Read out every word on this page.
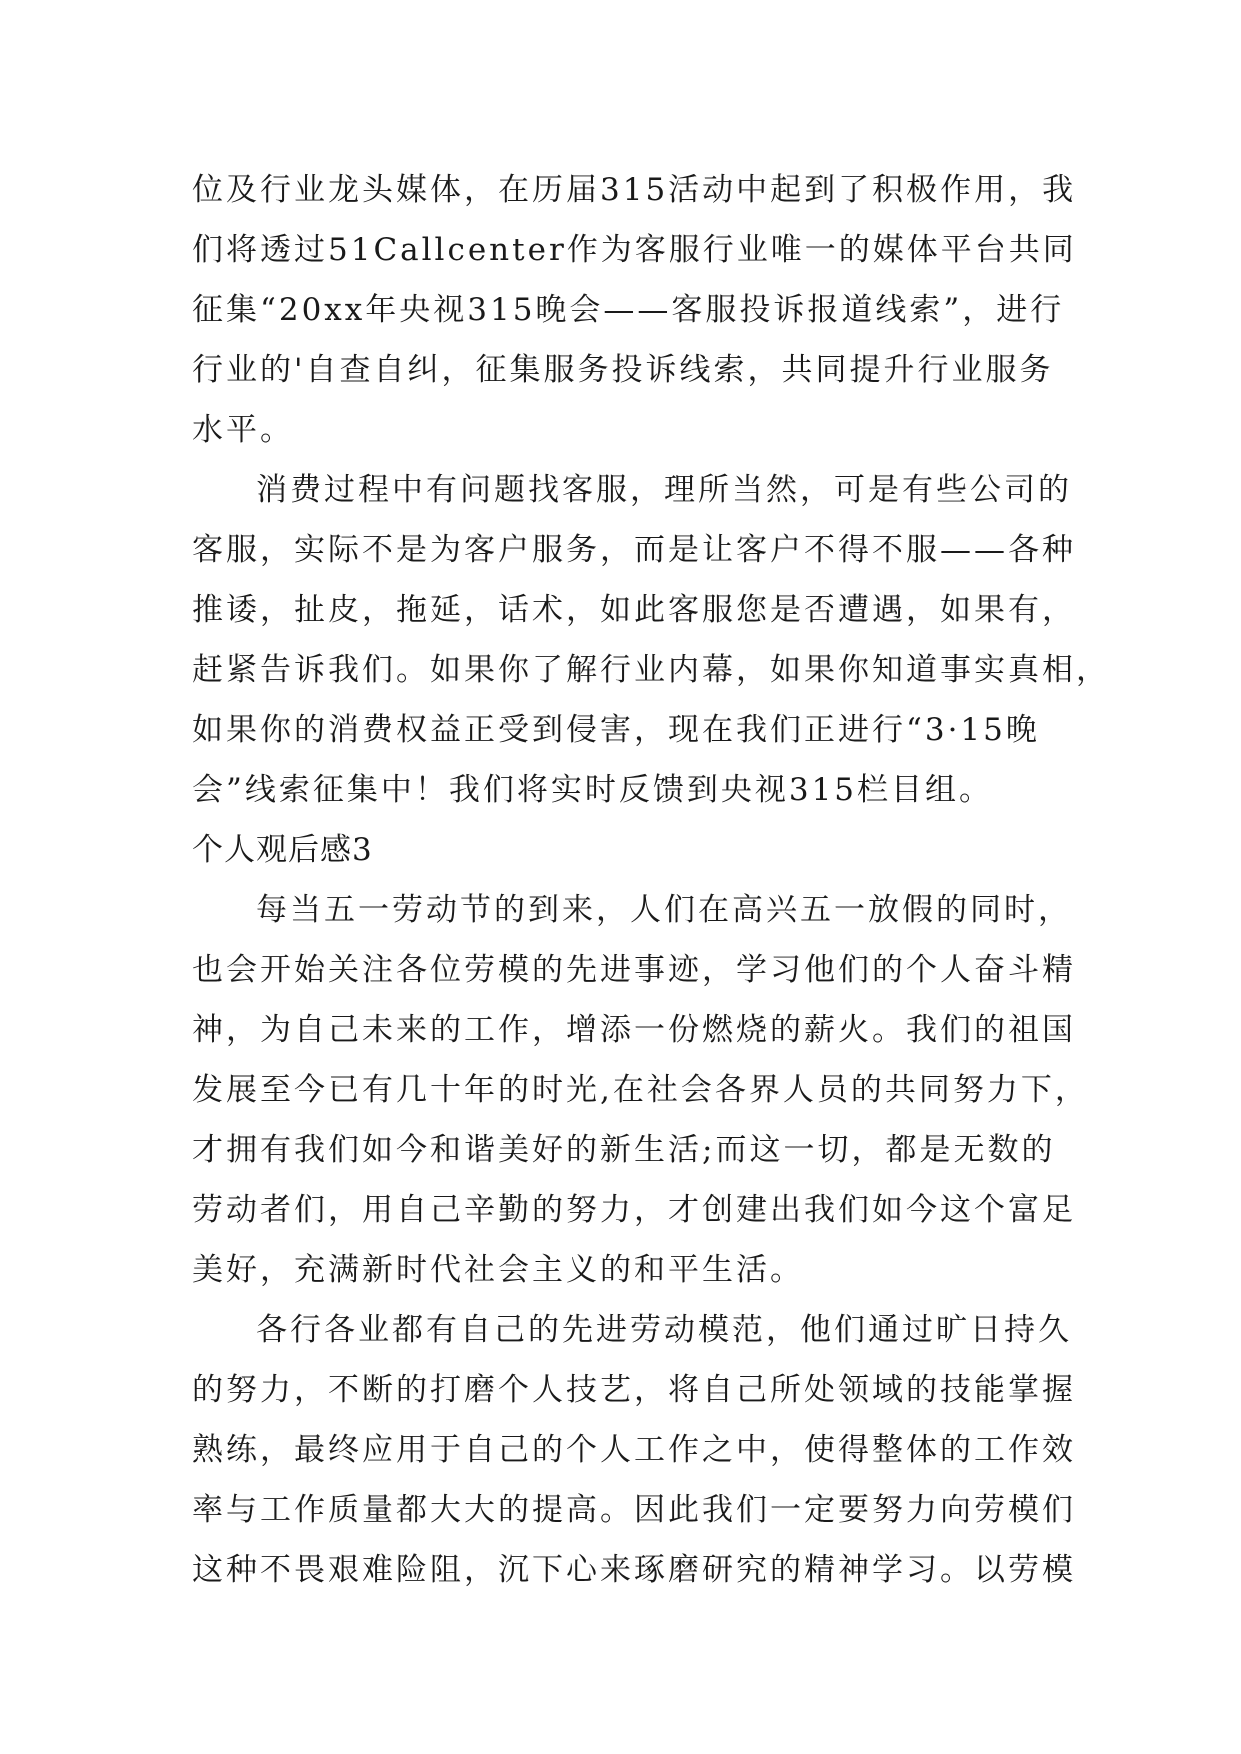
位及行业龙头媒体，在历届315活动中起到了积极作用，我
们将透过51Callcenter作为客服行业唯一的媒体平台共同
征集“20xx年央视315晚会——客服投诉报道线索”，进行
行业的'自查自纠，征集服务投诉线索，共同提升行业服务
水平。
消费过程中有问题找客服，理所当然，可是有些公司的
客服，实际不是为客户服务，而是让客户不得不服——各种
推诿，扯皮，拖延，话术，如此客服您是否遭遇，如果有，
赶紧告诉我们。如果你了解行业内幕，如果你知道事实真相，
如果你的消费权益正受到侵害，现在我们正进行“3·15晚
会”线索征集中！我们将实时反馈到央视315栏目组。
个人观后感3
每当五一劳动节的到来，人们在高兴五一放假的同时，
也会开始关注各位劳模的先进事迹，学习他们的个人奋斗精
神，为自己未来的工作，增添一份燃烧的薪火。我们的祖国
发展至今已有几十年的时光,在社会各界人员的共同努力下，
才拥有我们如今和谐美好的新生活;而这一切，都是无数的
劳动者们，用自己辛勤的努力，才创建出我们如今这个富足
美好，充满新时代社会主义的和平生活。
各行各业都有自己的先进劳动模范，他们通过旷日持久
的努力，不断的打磨个人技艺，将自己所处领域的技能掌握
熟练，最终应用于自己的个人工作之中，使得整体的工作效
率与工作质量都大大的提高。因此我们一定要努力向劳模们
这种不畏艰难险阻，沉下心来琢磨研究的精神学习。以劳模
